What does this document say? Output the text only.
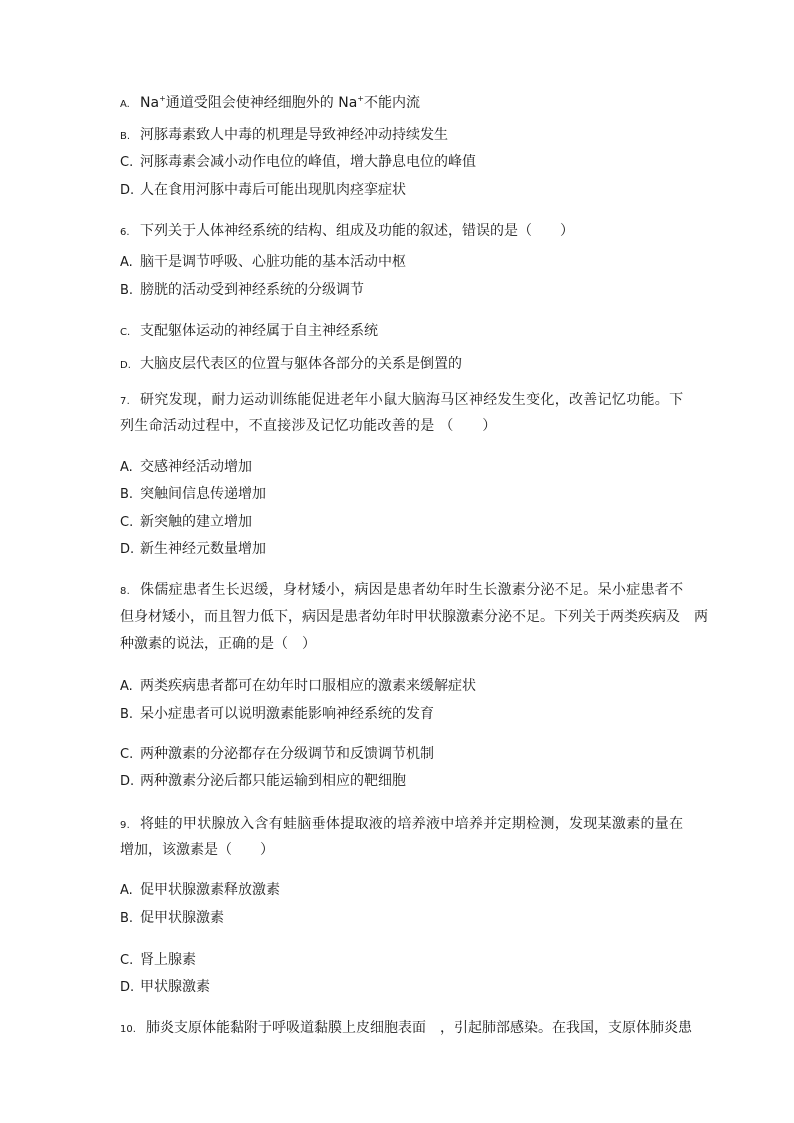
A. Na+通道受阻会使神经细胞外的 Na+不能内流
B. 河豚毒素致人中毒的机理是导致神经冲动持续发生
C. 河豚毒素会减小动作电位的峰值，增大静息电位的峰值
D. 人在食用河豚中毒后可能出现肌肉痉挛症状
6. 下列关于人体神经系统的结构、组成及功能的叙述，错误的是（　　）
A. 脑干是调节呼吸、心脏功能的基本活动中枢
B. 膀胱的活动受到神经系统的分级调节
C. 支配躯体运动的神经属于自主神经系统
D. 大脑皮层代表区的位置与躯体各部分的关系是倒置的
7. 研究发现，耐力运动训练能促进老年小鼠大脑海马区神经发生变化，改善记忆功能。下
列生命活动过程中，不直接涉及记忆功能改善的是 （　　）
A. 交感神经活动增加
B. 突触间信息传递增加
C. 新突触的建立增加
D. 新生神经元数量增加
8. 侏儒症患者生长迟缓，身材矮小，病因是患者幼年时生长激素分泌不足。呆小症患者不
但身材矮小，而且智力低下，病因是患者幼年时甲状腺激素分泌不足。下列关于两类疾病及　两
种激素的说法，正确的是（　）
A. 两类疾病患者都可在幼年时口服相应的激素来缓解症状
B. 呆小症患者可以说明激素能影响神经系统的发育
C. 两种激素的分泌都存在分级调节和反馈调节机制
D. 两种激素分泌后都只能运输到相应的靶细胞
9. 将蛙的甲状腺放入含有蛙脑垂体提取液的培养液中培养并定期检测，发现某激素的量在
增加，该激素是（　　）
A. 促甲状腺激素释放激素
B. 促甲状腺激素
C. 肾上腺素
D. 甲状腺激素
10. 肺炎支原体能黏附于呼吸道黏膜上皮细胞表面　，引起肺部感染。在我国，支原体肺炎患
